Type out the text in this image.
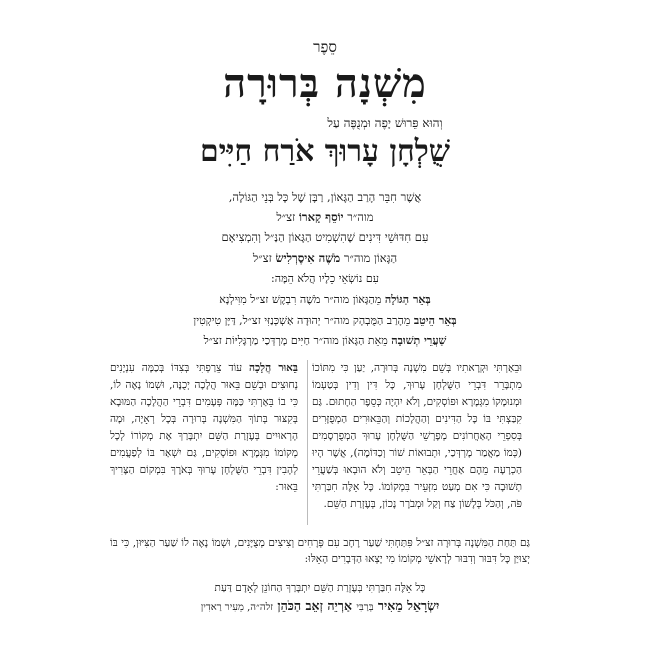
סֵפֶר
מִשְׁנָה בְּרוּרָה
וְהוּא פֵּרוּשׁ יָפֶה וּמְנֻפֶּה עַל
שֻׁלְחָן עָרוּךְ אֹרַח חַיִּים
אֲשֶׁר חִבֵּר הָרַב הַגָּאוֹן, רַבָּן שֶׁל כָּל בְּנֵי הַגּוֹלָה,
מוה״ר יוֹסֵף קָארוֹ זצ״ל
עִם חִדּוּשֵׁי דִּינִים שֶׁהִשְׁמִיט הַגָּאוֹן הַנַּ״ל וְהִמְצִיאָם
הַגָּאוֹן מוה״ר מֹשֶׁה אִיסֶרְלִישׂ זצ״ל
עִם נוֹשְׂאֵי כֵלָיו הֲלֹא הֵמָּה:
בְּאֵר הַגּוֹלָה מֵהַגָּאוֹן מוה״ר מֹשֶׁה רִבְקֶשׁ זצ״ל מִוִּילְנָא
בְּאֵר הֵיטֵב מֵהָרַב הַמֻּבְהָק מוה״ר יְהוּדָה אַשְׁכְּנַזִּי זצ״ל, דַּיָּן טִיקְטִין
שַׁעֲרֵי תְשׁוּבָה מֵאֵת הַגָּאוֹן מוה״ר חַיִּים מָרְדְּכַי מַרְגָּלִיּוֹת זצ״ל

וּבֵאַרְתִּי וּקְרָאתִיו בְּשֵׁם מִשְׁנָה בְּרוּרָה, יַעַן כִּי מִתּוֹכוֹ מִתְבָּרֵר דִּבְרֵי הַשֻּׁלְחָן עָרוּךְ, כָּל דִּין וְדִין בְּטַעְמוֹ וּמְנוּמָקוֹ מִגְּמָרָא וּפוֹסְקִים, וְלֹא יִהְיֶה כְּסֵפֶר הַחָתוּם. גַּם קִבַּצְתִּי בּוֹ כָּל הַדִּינִים וְהַהֲלָכוֹת וְהַבֵּאוּרִים הַמְפֻזָּרִים בְּסִפְרֵי הָאַחֲרוֹנִים מְפָרְשֵׁי הַשֻּׁלְחָן עָרוּךְ הַמְפֻרְסָמִים (כְּמוֹ מַאֲמַר מָרְדְּכַי, וּתְבוּאוֹת שׁוֹר וְכַדּוֹמֶה), אֲשֶׁר הָיוּ הַכְרָעָה מֵהֶם אַחֲרֵי הַבְּאֵר הֵיטֵב וְלֹא הוּבְאוּ בְּשַׁעֲרֵי תְשׁוּבָה כִּי אִם מְעַט מִזְּעֵיר בִּמְקוֹמוֹ. כָּל אֵלֶּה חִבַּרְתִּי פֹּה, וְהַכֹּל בְּלָשׁוֹן צַח וְקַל וּמְבֹרָר נָכוֹן, בְּעֶזְרַת הַשֵּׁם.

בֵּאוּר הֲלָכָה עוֹד צֵרַפְתִּי בְּצִדּוֹ בְּכַמָּה עִנְיָנִים נְחוּצִים וּבְשֵׁם בֵּאוּר הֲלָכָה יְכֻנֶּה, וּשְׁמוֹ נָאֶה לוֹ, כִּי בוֹ בֵּאַרְתִּי כַּמָּה פְּעָמִים דִּבְרֵי הַהֲלָכָה הַמּוּבָא בְּקִצּוּר בְּתוֹךְ הַמִּשְׁנָה בְּרוּרָה בְּכָל רְאָיָה, וּמָה הָרְאוּיִים בְּעֶזְרַת הַשֵּׁם יִתְבָּרַךְ אֶת מְקוֹרוֹ לְכָל מְקוֹמוֹ מִגְּמָרָא וּפוֹסְקִים, גַּם יִשְׁאַר בּוֹ לְפַעֲמִים לְהָבִין דִּבְרֵי הַשֻּׁלְחָן עָרוּךְ בְּאֹרֶךְ בִּמְקוֹם הַצָּרִיךְ בֵּאוּר:

גַּם תַּחַת הַמִּשְׁנָה בְּרוּרָה זצ״ל פִּתַּחְתִּי שַׁעַר רָחָב עִם פְּרָחִים וְצִיצִים מְצֻיָּנִים, וּשְׁמוֹ נָאֶה לוֹ שַׁעַר הַצִּיּוּן, כִּי בּוֹ יְצוּיַּן כָּל דִּבּוּר וְדִבּוּר לְרָאשֵׁי מְקוֹמוֹ מִי יָצְאוּ הַדְּבָרִים הָאֵלּוּ:
כָּל אֵלֶּה חִבַּרְתִּי בְּעֶזְרַת הַשֵּׁם יִתְבָּרַךְ הַחוֹנֵן לְאָדָם דַּעַת
יִשְׂרָאֵל מֵאִיר בְּרַבִּי אַרְיֵה זְאֵב הַכֹּהֵן זלה״ה, מֵעִיר רַאדִין
